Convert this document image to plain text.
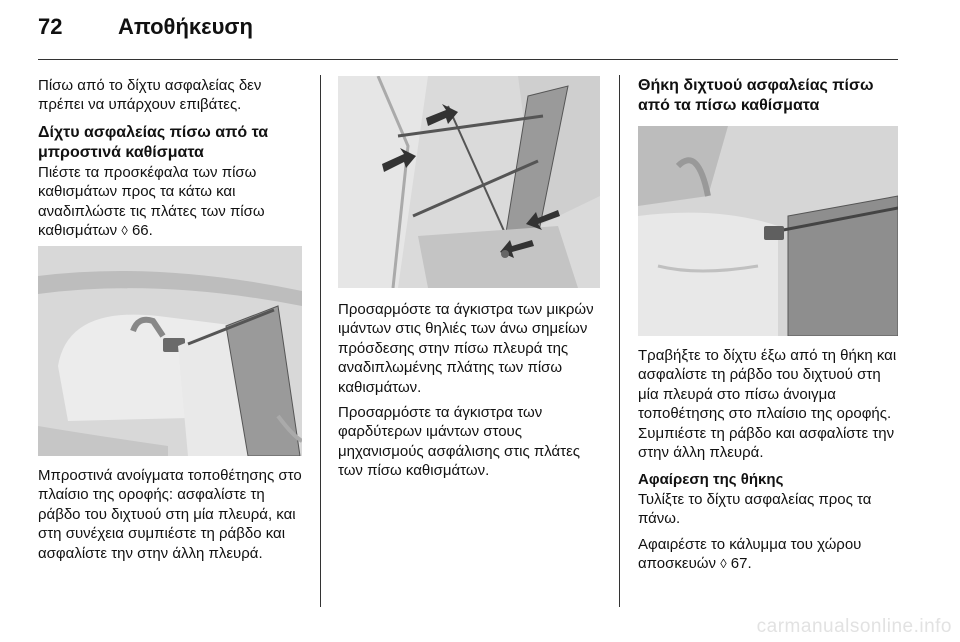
72	Αποθήκευση

Πίσω από το δίχτυ ασφαλείας δεν πρέπει να υπάρχουν επιβάτες.

Δίχτυ ασφαλείας πίσω από τα μπροστινά καθίσματα

Πιέστε τα προσκέφαλα των πίσω καθισμάτων προς τα κάτω και αναδιπλώστε τις πλάτες των πίσω καθισμάτων ◊ 66.

Μπροστινά ανοίγματα τοποθέτησης στο πλαίσιο της οροφής: ασφαλίστε τη ράβδο του διχτυού στη μία πλευρά, και στη συνέχεια συμπιέστε τη ράβδο και ασφαλίστε την στην άλλη πλευρά.

Προσαρμόστε τα άγκιστρα των μικρών ιμάντων στις θηλιές των άνω σημείων πρόσδεσης στην πίσω πλευρά της αναδιπλωμένης πλάτης των πίσω καθισμάτων.

Προσαρμόστε τα άγκιστρα των φαρδύτερων ιμάντων στους μηχανισμούς ασφάλισης στις πλάτες των πίσω καθισμάτων.

Θήκη διχτυού ασφαλείας πίσω από τα πίσω καθίσματα

Τραβήξτε το δίχτυ έξω από τη θήκη και ασφαλίστε τη ράβδο του διχτυού στη μία πλευρά στο πίσω άνοιγμα τοποθέτησης στο πλαίσιο της οροφής. Συμπιέστε τη ράβδο και ασφαλίστε την στην άλλη πλευρά.

Αφαίρεση της θήκης

Τυλίξτε το δίχτυ ασφαλείας προς τα πάνω.

Αφαιρέστε το κάλυμμα του χώρου αποσκευών ◊ 67.

carmanualsonline.info
